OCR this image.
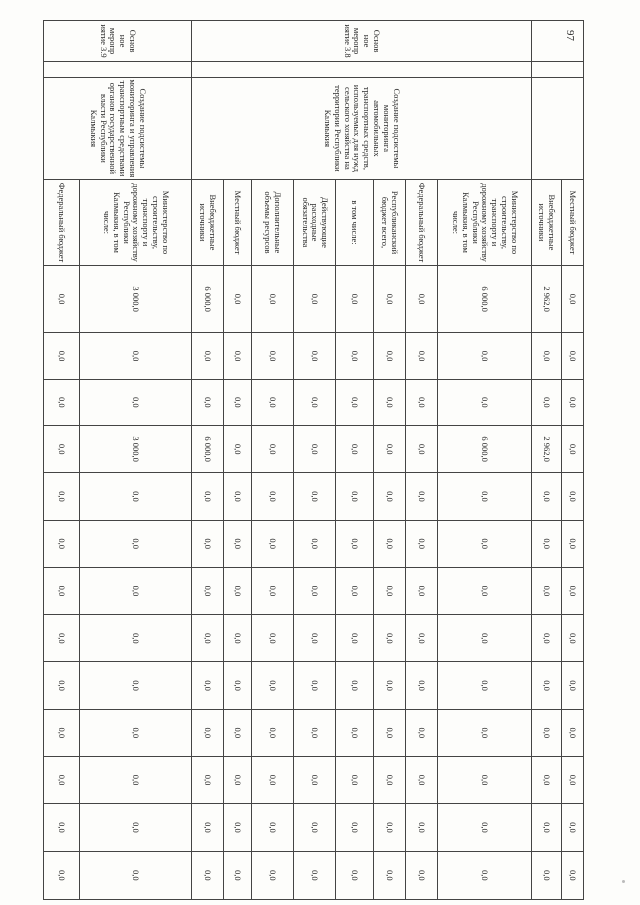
97
			Местный бюджет	0,0	0,0	0,0	0,0	0,0	0,0	0,0	0,0	0,0	0,0	0,0	0,0	0,0
			Внебюджетные источники	2 962,0	0,0	0,0	2 962,0	0,0	0,0	0,0	0,0	0,0	0,0	0,0	0,0	0,0
Основ ное меропр иятие 3.8		Создание подсистемы мониторинга автомобильных транспортных средств, используемых для нужд сельского хозяйства на территории Республики Калмыкия	Министерство по строительству, транспорту и дорожному хозяйству Республики Калмыкия, в том числе:	6 000,0	0,0	0,0	6 000,0	0,0	0,0	0,0	0,0	0,0	0,0	0,0	0,0	0,0
			Федеральный бюджет	0,0	0,0	0,0	0,0	0,0	0,0	0,0	0,0	0,0	0,0	0,0	0,0	0,0
			Республиканский бюджет всего,	0,0	0,0	0,0	0,0	0,0	0,0	0,0	0,0	0,0	0,0	0,0	0,0	0,0
			в том числе:	0,0	0,0	0,0	0,0	0,0	0,0	0,0	0,0	0,0	0,0	0,0	0,0	0,0
			Действующие расходные обязательства	0,0	0,0	0,0	0,0	0,0	0,0	0,0	0,0	0,0	0,0	0,0	0,0	0,0
			Дополнительные объемы ресурсов	0,0	0,0	0,0	0,0	0,0	0,0	0,0	0,0	0,0	0,0	0,0	0,0	0,0
			Местный бюджет	0,0	0,0	0,0	0,0	0,0	0,0	0,0	0,0	0,0	0,0	0,0	0,0	0,0
			Внебюджетные источники	6 000,0	0,0	0,0	6 000,0	0,0	0,0	0,0	0,0	0,0	0,0	0,0	0,0	0,0
Основ ное меропр иятие 3.9		Создание подсистемы мониторинга и управления транспортным средствами органов государственной власти Республики Калмыкия	Министерство по строительству, транспорту и дорожному хозяйству Республики Калмыкия, в том числе:	3 000,0	0,0	0,0	3 000,0	0,0	0,0	0,0	0,0	0,0	0,0	0,0	0,0	0,0
			Федеральный бюджет	0,0	0,0	0,0	0,0	0,0	0,0	0,0	0,0	0,0	0,0	0,0	0,0	0,0
